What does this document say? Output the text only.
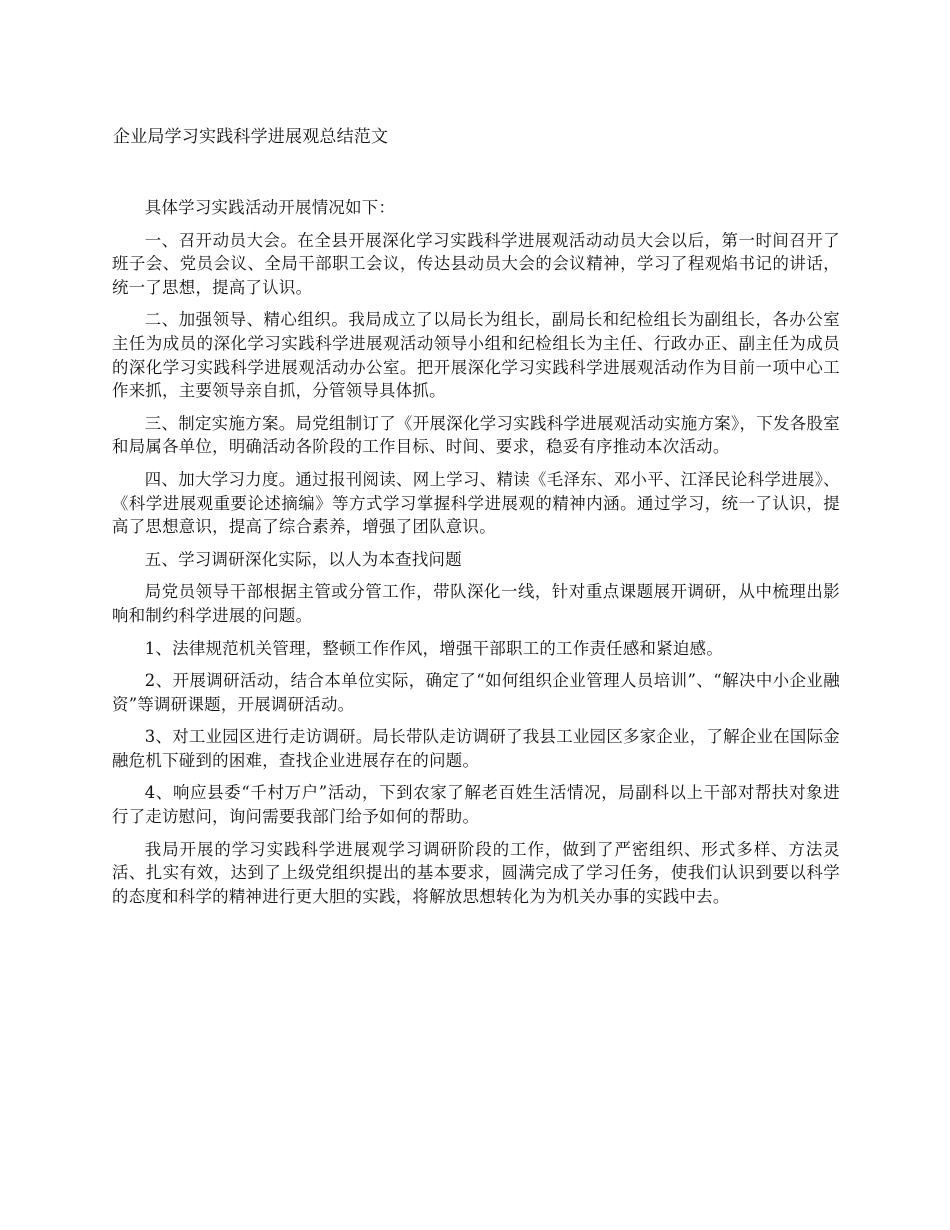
企业局学习实践科学进展观总结范文

具体学习实践活动开展情况如下：

一、召开动员大会。在全县开展深化学习实践科学进展观活动动员大会以后，第一时间召开了班子会、党员会议、全局干部职工会议，传达县动员大会的会议精神，学习了程观焰书记的讲话，统一了思想，提高了认识。

二、加强领导、精心组织。我局成立了以局长为组长，副局长和纪检组长为副组长，各办公室主任为成员的深化学习实践科学进展观活动领导小组和纪检组长为主任、行政办正、副主任为成员的深化学习实践科学进展观活动办公室。把开展深化学习实践科学进展观活动作为目前一项中心工作来抓，主要领导亲自抓，分管领导具体抓。

三、制定实施方案。局党组制订了《开展深化学习实践科学进展观活动实施方案》，下发各股室和局属各单位，明确活动各阶段的工作目标、时间、要求，稳妥有序推动本次活动。

四、加大学习力度。通过报刊阅读、网上学习、精读《毛泽东、邓小平、江泽民论科学进展》、《科学进展观重要论述摘编》等方式学习掌握科学进展观的精神内涵。通过学习，统一了认识，提高了思想意识，提高了综合素养，增强了团队意识。

五、学习调研深化实际，以人为本查找问题

局党员领导干部根据主管或分管工作，带队深化一线，针对重点课题展开调研，从中梳理出影响和制约科学进展的问题。

1、法律规范机关管理，整顿工作作风，增强干部职工的工作责任感和紧迫感。

2、开展调研活动，结合本单位实际，确定了“如何组织企业管理人员培训”、“解决中小企业融资”等调研课题，开展调研活动。

3、对工业园区进行走访调研。局长带队走访调研了我县工业园区多家企业，了解企业在国际金融危机下碰到的困难，查找企业进展存在的问题。

4、响应县委“千村万户”活动，下到农家了解老百姓生活情况，局副科以上干部对帮扶对象进行了走访慰问，询问需要我部门给予如何的帮助。

我局开展的学习实践科学进展观学习调研阶段的工作，做到了严密组织、形式多样、方法灵活、扎实有效，达到了上级党组织提出的基本要求，圆满完成了学习任务，使我们认识到要以科学的态度和科学的精神进行更大胆的实践，将解放思想转化为为机关办事的实践中去。
